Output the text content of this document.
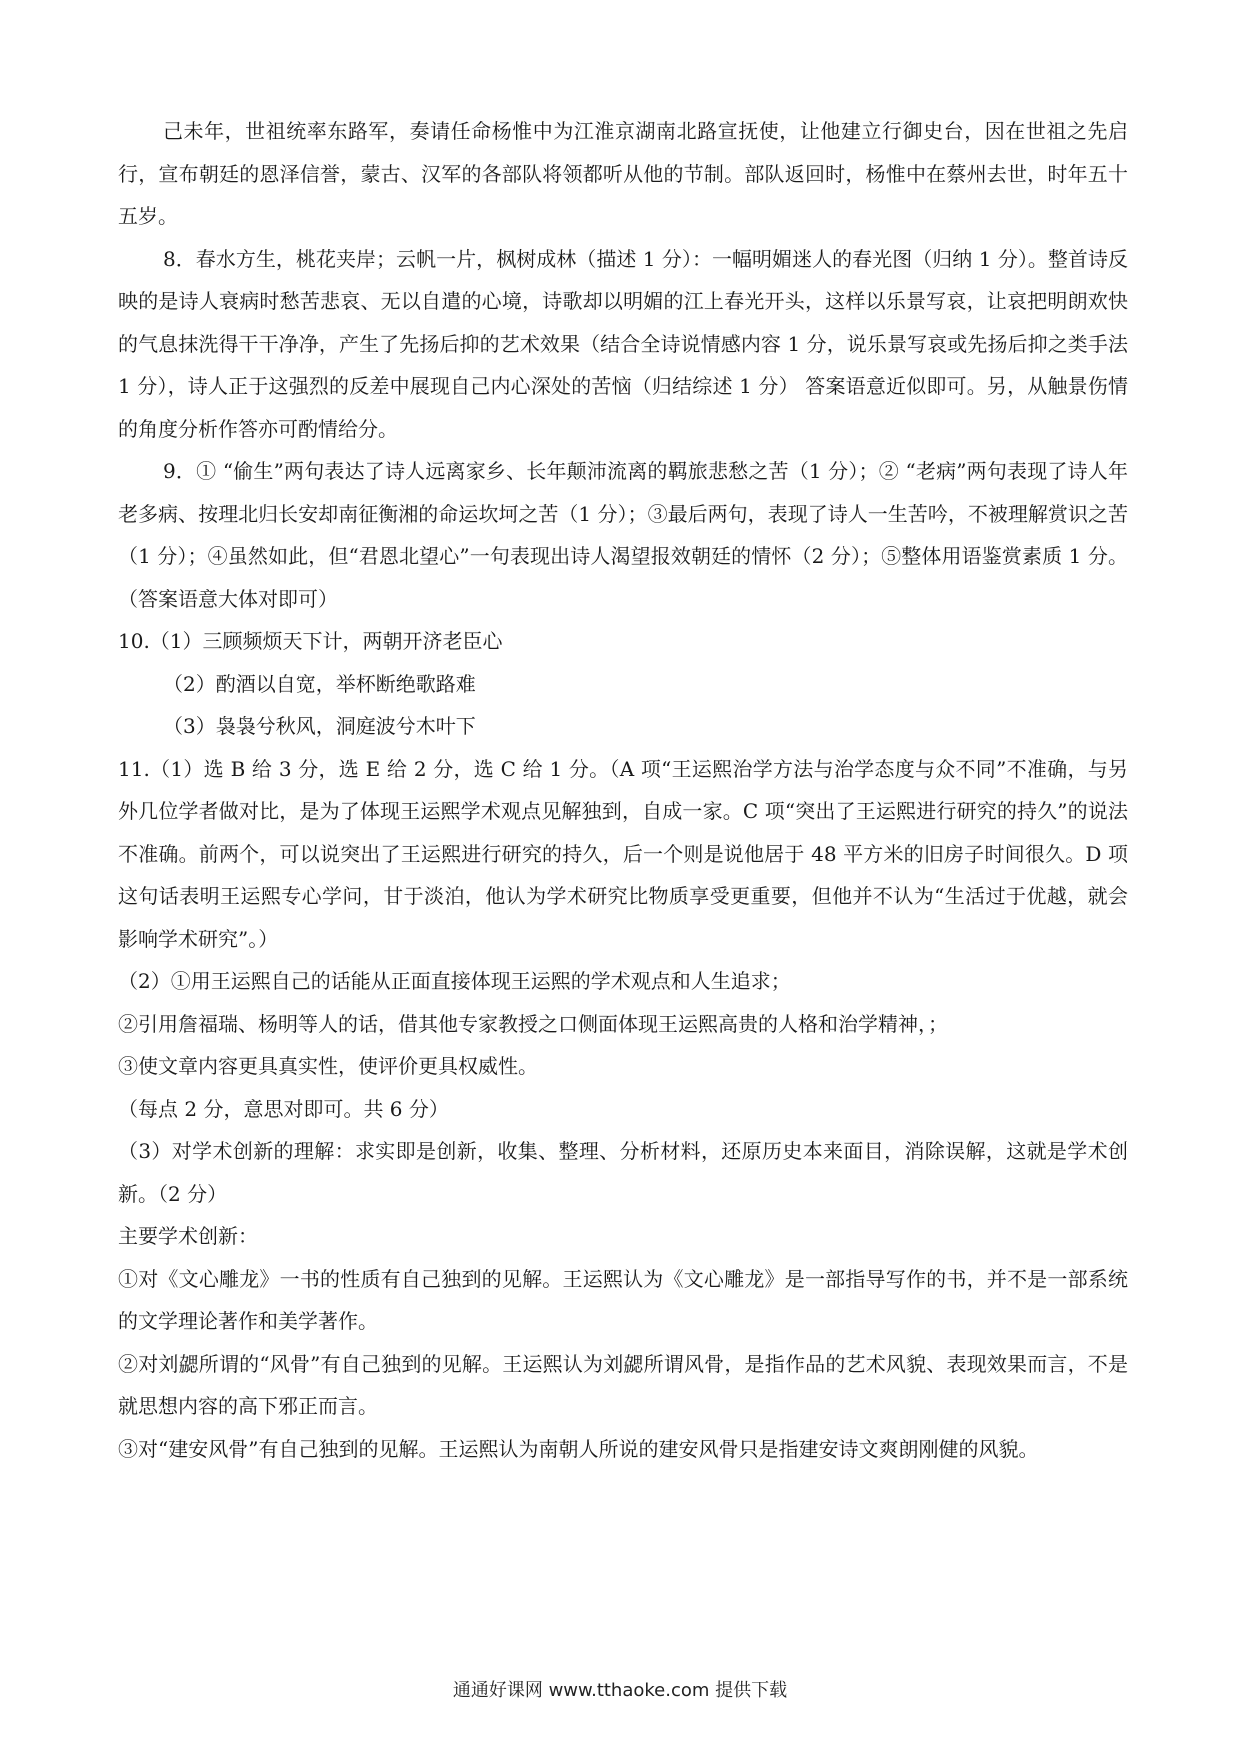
己未年，世祖统率东路军，奏请任命杨惟中为江淮京湖南北路宣抚使，让他建立行御史台，因在世祖之先启行，宣布朝廷的恩泽信誉，蒙古、汉军的各部队将领都听从他的节制。部队返回时，杨惟中在蔡州去世，时年五十五岁。

8．春水方生，桃花夹岸；云帆一片，枫树成林（描述 1 分）：一幅明媚迷人的春光图（归纳 1 分）。整首诗反映的是诗人衰病时愁苦悲哀、无以自遣的心境，诗歌却以明媚的江上春光开头，这样以乐景写哀，让哀把明朗欢快的气息抹洗得干干净净，产生了先扬后抑的艺术效果（结合全诗说情感内容 1 分，说乐景写哀或先扬后抑之类手法 1 分），诗人正于这强烈的反差中展现自己内心深处的苦恼（归结综述 1 分） 答案语意近似即可。另，从触景伤情的角度分析作答亦可酌情给分。

9．① “偷生”两句表达了诗人远离家乡、长年颠沛流离的羁旅悲愁之苦（1 分）；② “老病”两句表现了诗人年老多病、按理北归长安却南征衡湘的命运坎坷之苦（1 分）；③最后两句，表现了诗人一生苦吟，不被理解赏识之苦（1 分）；④虽然如此，但“君恩北望心”一句表现出诗人渴望报效朝廷的情怀（2 分）；⑤整体用语鉴赏素质 1 分。（答案语意大体对即可）

10.（1）三顾频烦天下计，两朝开济老臣心

（2）酌酒以自宽，举杯断绝歌路难

（3）袅袅兮秋风，洞庭波兮木叶下

11.（1）选 B 给 3 分，选 E 给 2 分，选 C 给 1 分。（A 项“王运熙治学方法与治学态度与众不同”不准确，与另外几位学者做对比，是为了体现王运熙学术观点见解独到，自成一家。C 项“突出了王运熙进行研究的持久”的说法不准确。前两个，可以说突出了王运熙进行研究的持久，后一个则是说他居于 48 平方米的旧房子时间很久。D 项这句话表明王运熙专心学问，甘于淡泊，他认为学术研究比物质享受更重要，但他并不认为“生活过于优越，就会影响学术研究”。）

（2）①用王运熙自己的话能从正面直接体现王运熙的学术观点和人生追求；

②引用詹福瑞、杨明等人的话，借其他专家教授之口侧面体现王运熙高贵的人格和治学精神，；

③使文章内容更具真实性，使评价更具权威性。

（每点 2 分，意思对即可。共 6 分）

（3）对学术创新的理解：求实即是创新，收集、整理、分析材料，还原历史本来面目，消除误解，这就是学术创新。（2 分）

主要学术创新：

①对《文心雕龙》一书的性质有自己独到的见解。王运熙认为《文心雕龙》是一部指导写作的书，并不是一部系统的文学理论著作和美学著作。

②对刘勰所谓的“风骨”有自己独到的见解。王运熙认为刘勰所谓风骨，是指作品的艺术风貌、表现效果而言，不是就思想内容的高下邪正而言。

③对“建安风骨”有自己独到的见解。王运熙认为南朝人所说的建安风骨只是指建安诗文爽朗刚健的风貌。

通通好课网 www.tthaoke.com 提供下载
